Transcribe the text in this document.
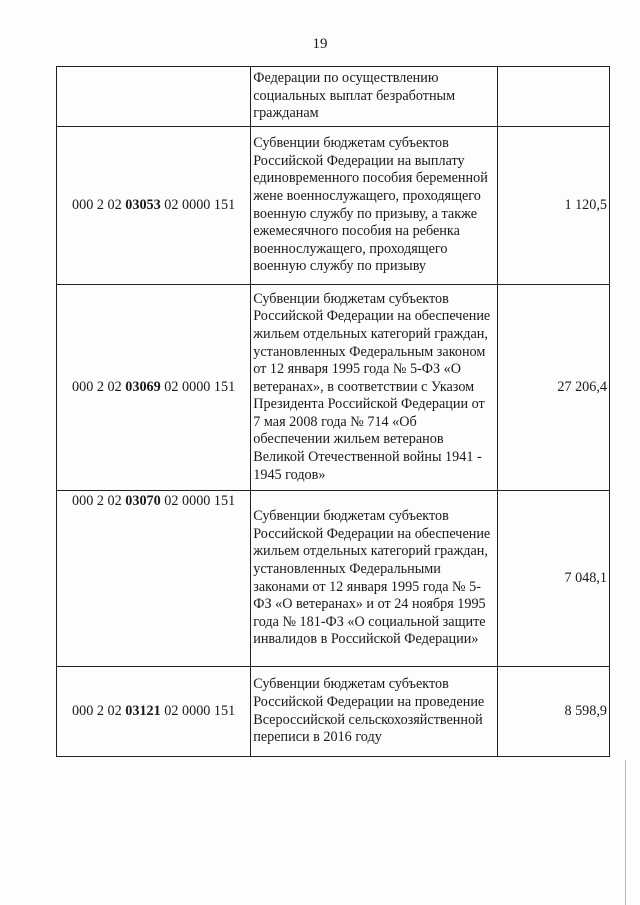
19
	Федерации по осуществлению социальных выплат безработным гражданам	
000 2 02 03053 02 0000 151	Субвенции бюджетам субъектов Российской Федерации на выплату единовременного пособия беременной жене военнослужащего, проходящего военную службу по призыву, а также ежемесячного пособия на ребенка военнослужащего, проходящего военную службу по призыву	1 120,5
000 2 02 03069 02 0000 151	Субвенции бюджетам субъектов Российской Федерации на обеспечение жильем отдельных категорий граждан, установленных Федеральным законом от 12 января 1995 года № 5-ФЗ «О ветеранах», в соответствии с Указом Президента Российской Федерации от 7 мая 2008 года № 714 «Об обеспечении жильем ветеранов Великой Отечественной войны 1941 - 1945 годов»	27 206,4
000 2 02 03070 02 0000 151	Субвенции бюджетам субъектов Российской Федерации на обеспечение жильем отдельных категорий граждан, установленных Федеральными законами от 12 января 1995 года № 5-ФЗ «О ветеранах» и от 24 ноября 1995 года № 181-ФЗ «О социальной защите инвалидов в Российской Федерации»	7 048,1
000 2 02 03121 02 0000 151	Субвенции бюджетам субъектов Российской Федерации на проведение Всероссийской сельскохозяйственной переписи в 2016 году	8 598,9
